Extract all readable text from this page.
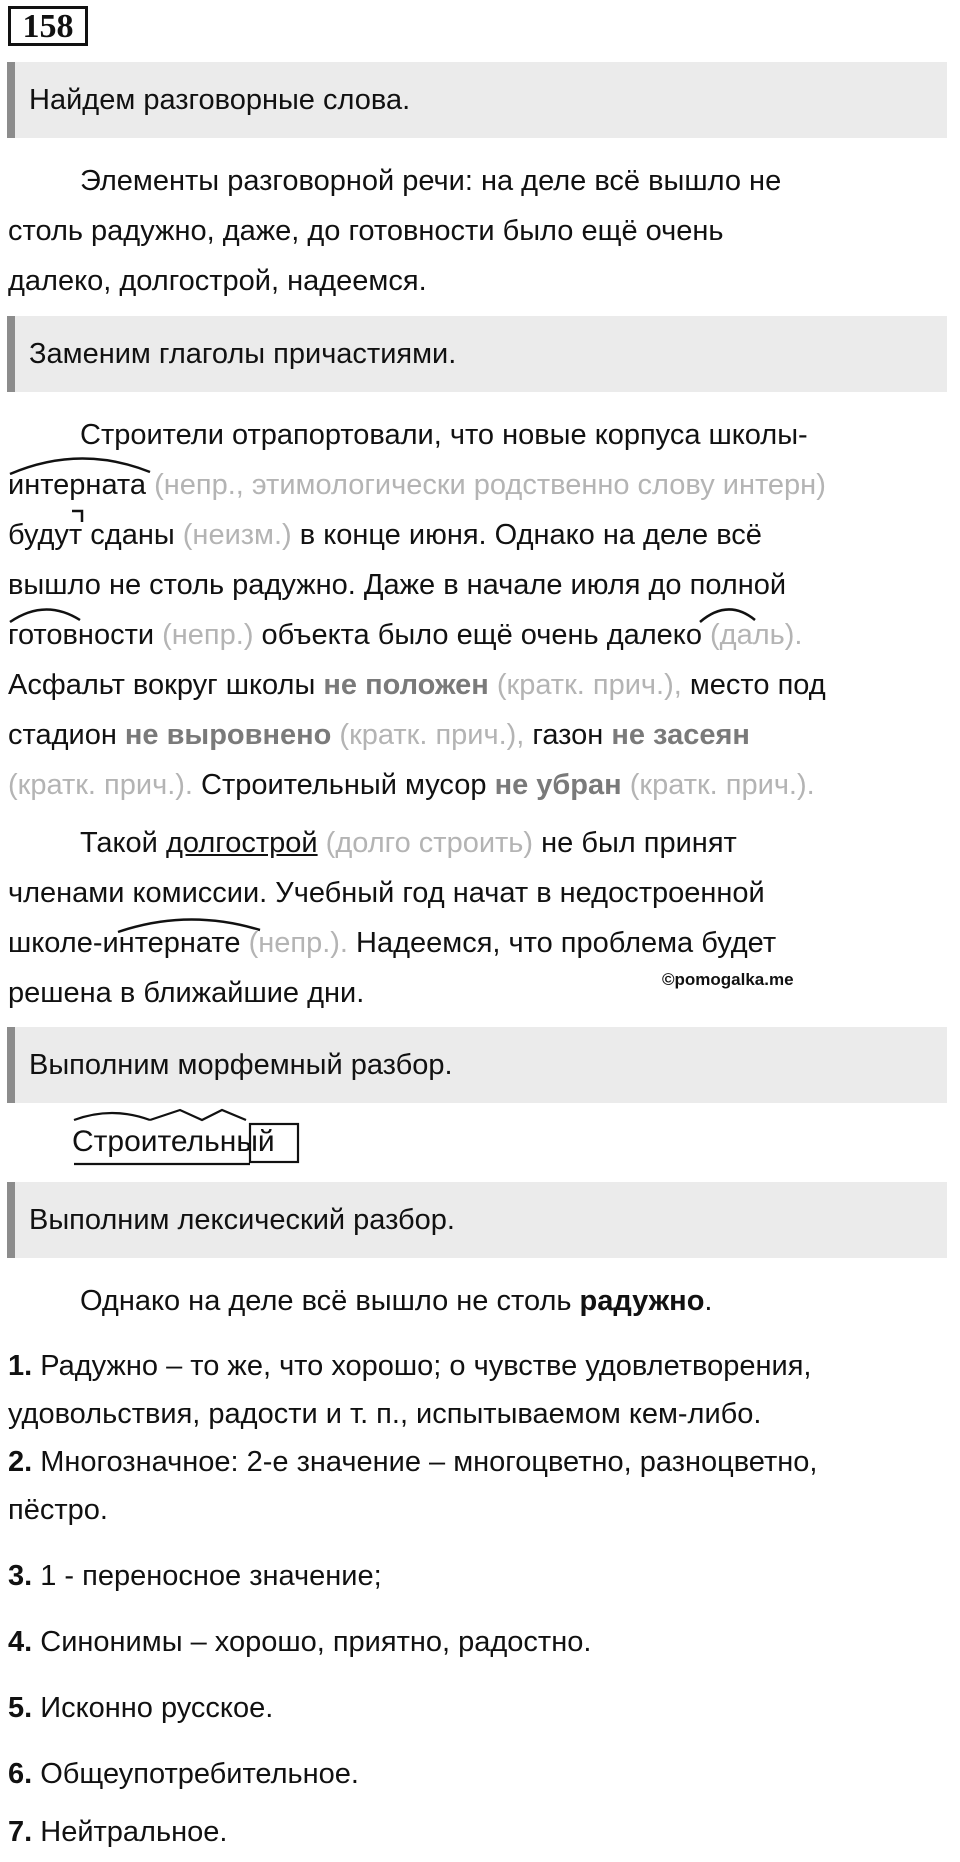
158
Найдем разговорные слова.
Элементы разговорной речи: на деле всё вышло не
столь радужно, даже, до готовности было ещё очень
далеко, долгострой, надеемся.
Заменим глаголы причастиями.
Строители отрапортовали, что новые корпуса школы-
интерната (непр., этимологически родственно слову интерн)
будут сданы (неизм.) в конце июня. Однако на деле всё
вышло не столь радужно. Даже в начале июля до полной
готовности (непр.) объекта было ещё очень далеко (даль).
Асфальт вокруг школы не положен (кратк. прич.), место под
стадион не выровнено (кратк. прич.), газон не засеян
(кратк. прич.). Строительный мусор не убран (кратк. прич.).
Такой долгострой (долго строить) не был принят
членами комиссии. Учебный год начат в недостроенной
школе-интернате (непр.). Надеемся, что проблема будет
решена в ближайшие дни.	©pomogalka.me
Выполним морфемный разбор.
Строительный
Выполним лексический разбор.
Однако на деле всё вышло не столь радужно.
1. Радужно – то же, что хорошо; о чувстве удовлетворения,
удовольствия, радости и т. п., испытываемом кем-либо.
2. Многозначное: 2-е значение – многоцветно, разноцветно,
пёстро.
3. 1 - переносное значение;
4. Синонимы – хорошо, приятно, радостно.
5. Исконно русское.
6. Общеупотребительное.
7. Нейтральное.
